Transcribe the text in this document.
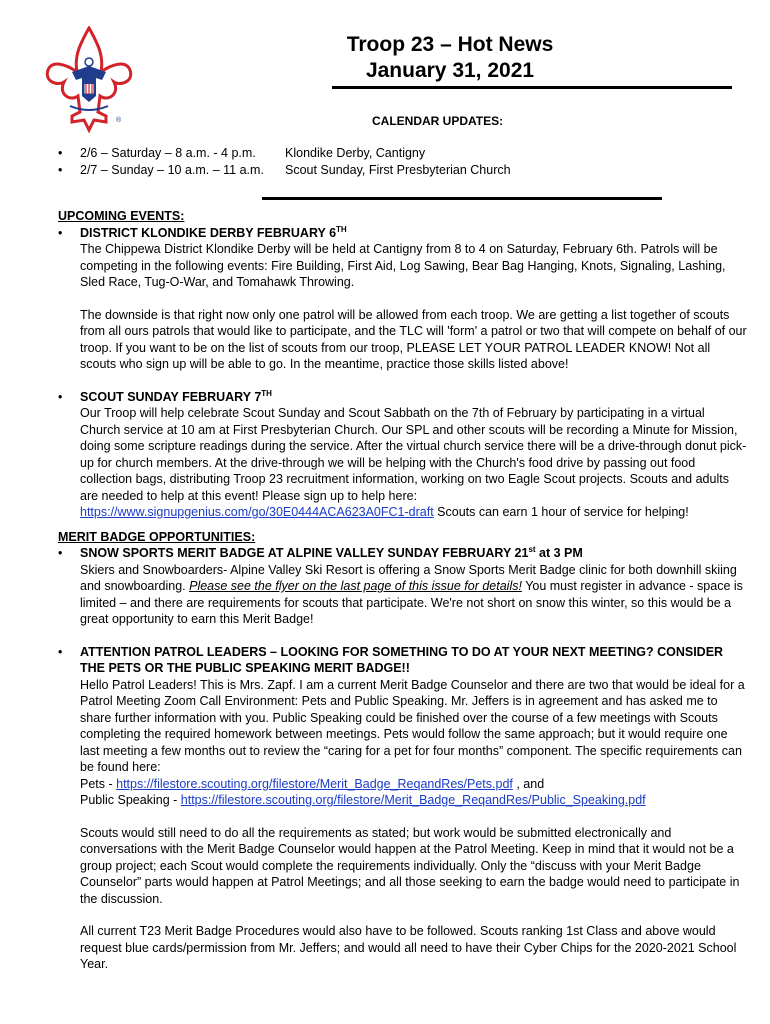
®
Troop 23 – Hot News
January 31, 2021
CALENDAR UPDATES:
•	2/6 – Saturday – 8 a.m. - 4 p.m.	Klondike Derby, Cantigny
•	2/7 – Sunday – 10 a.m. – 11 a.m.	Scout Sunday, First Presbyterian Church
UPCOMING EVENTS:
•	DISTRICT KLONDIKE DERBY FEBRUARY 6TH

The Chippewa District Klondike Derby will be held at Cantigny from 8 to 4 on Saturday, February 6th. Patrols will be competing in the following events: Fire Building, First Aid, Log Sawing, Bear Bag Hanging, Knots, Signaling, Lashing, Sled Race, Tug-O-War, and Tomahawk Throwing.

The downside is that right now only one patrol will be allowed from each troop. We are getting a list together of scouts from all ours patrols that would like to participate, and the TLC will 'form' a patrol or two that will compete on behalf of our troop. If you want to be on the list of scouts from our troop, PLEASE LET YOUR PATROL LEADER KNOW! Not all scouts who sign up will be able to go. In the meantime, practice those skills listed above!

•	SCOUT SUNDAY FEBRUARY 7TH

Our Troop will help celebrate Scout Sunday and Scout Sabbath on the 7th of February by participating in a virtual Church service at 10 am at First Presbyterian Church. Our SPL and other scouts will be recording a Minute for Mission, doing some scripture readings during the service. After the virtual church service there will be a drive-through donut pick-up for church members. At the drive-through we will be helping with the Church's food drive by passing out food collection bags, distributing Troop 23 recruitment information, working on two Eagle Scout projects. Scouts and adults are needed to help at this event! Please sign up to help here: https://www.signupgenius.com/go/30E0444ACA623A0FC1-draft Scouts can earn 1 hour of service for helping!

MERIT BADGE OPPORTUNITIES:
•	SNOW SPORTS MERIT BADGE AT ALPINE VALLEY SUNDAY FEBRUARY 21st at 3 PM

Skiers and Snowboarders- Alpine Valley Ski Resort is offering a Snow Sports Merit Badge clinic for both downhill skiing and snowboarding. Please see the flyer on the last page of this issue for details! You must register in advance - space is limited – and there are requirements for scouts that participate. We're not short on snow this winter, so this would be a great opportunity to earn this Merit Badge!

•	ATTENTION PATROL LEADERS – LOOKING FOR SOMETHING TO DO AT YOUR NEXT MEETING? CONSIDER THE PETS OR THE PUBLIC SPEAKING MERIT BADGE!!

Hello Patrol Leaders! This is Mrs. Zapf. I am a current Merit Badge Counselor and there are two that would be ideal for a Patrol Meeting Zoom Call Environment: Pets and Public Speaking. Mr. Jeffers is in agreement and has asked me to share further information with you. Public Speaking could be finished over the course of a few meetings with Scouts completing the required homework between meetings. Pets would follow the same approach; but it would require one last meeting a few months out to review the “caring for a pet for four months” component. The specific requirements can be found here:

Pets - https://filestore.scouting.org/filestore/Merit_Badge_ReqandRes/Pets.pdf , and

Public Speaking - https://filestore.scouting.org/filestore/Merit_Badge_ReqandRes/Public_Speaking.pdf

Scouts would still need to do all the requirements as stated; but work would be submitted electronically and conversations with the Merit Badge Counselor would happen at the Patrol Meeting. Keep in mind that it would not be a group project; each Scout would complete the requirements individually. Only the “discuss with your Merit Badge Counselor” parts would happen at Patrol Meetings; and all those seeking to earn the badge would need to participate in the discussion.

All current T23 Merit Badge Procedures would also have to be followed. Scouts ranking 1st Class and above would request blue cards/permission from Mr. Jeffers; and would all need to have their Cyber Chips for the 2020-2021 School Year.
